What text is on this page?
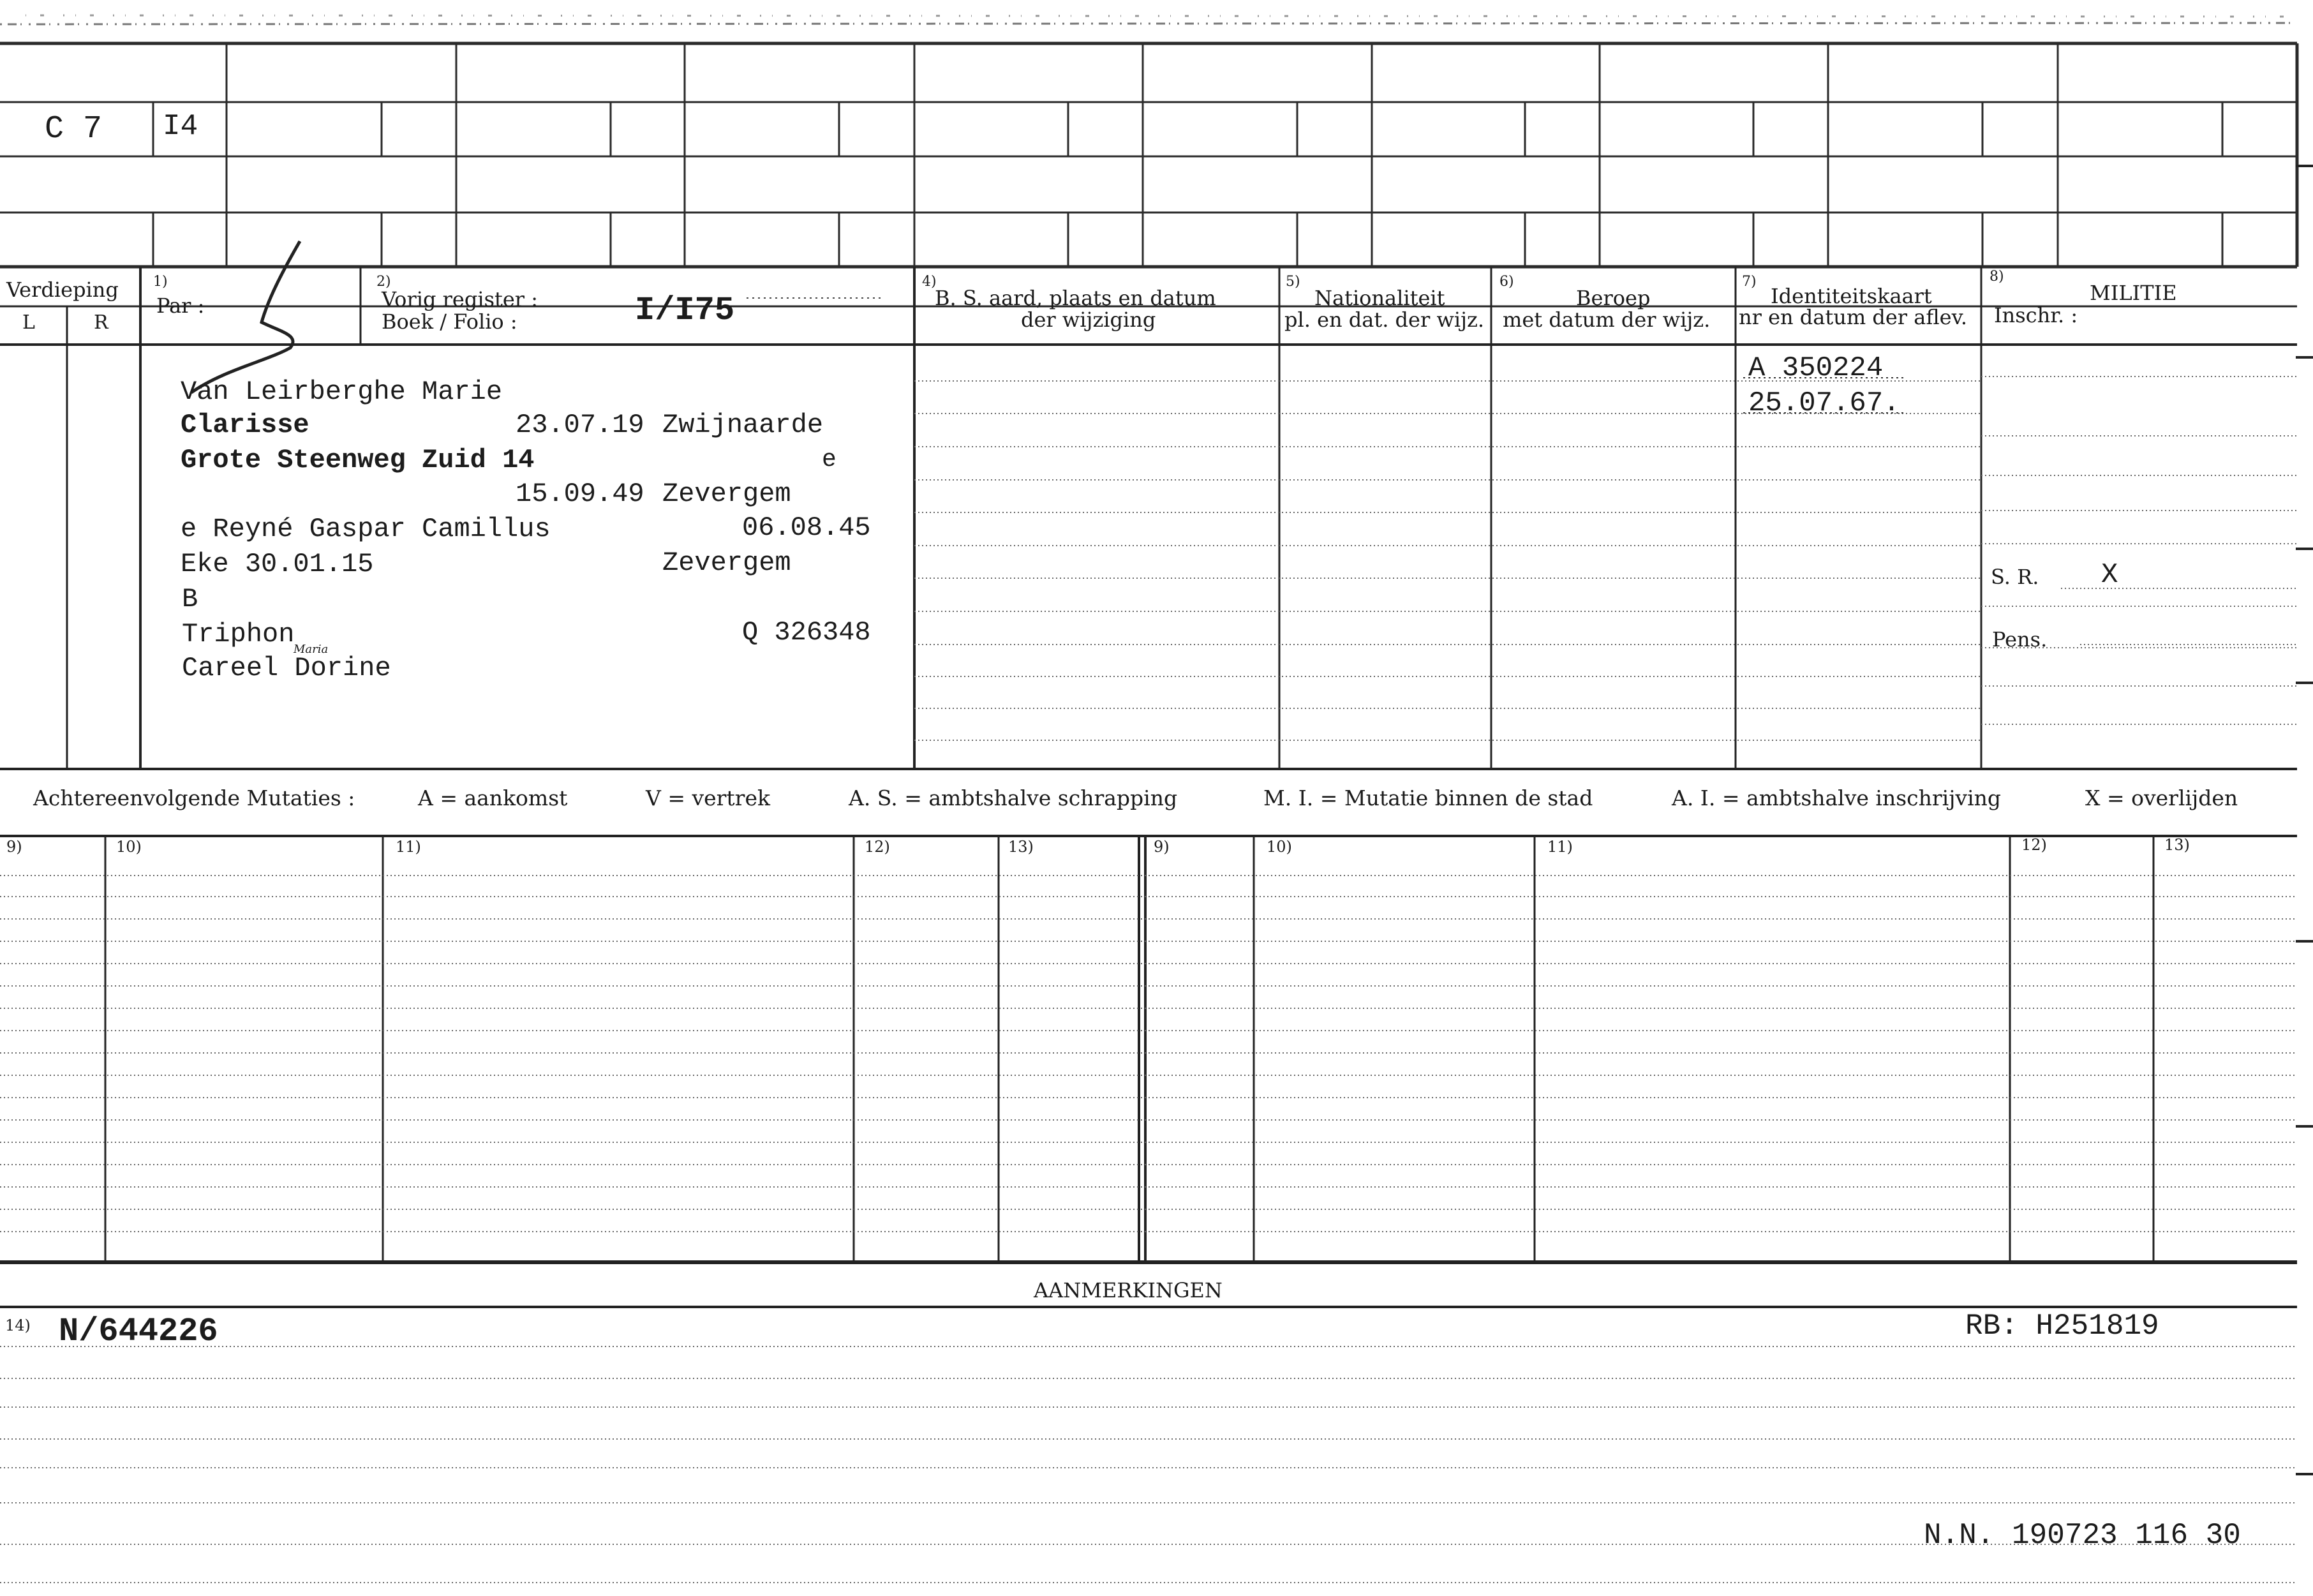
C 7 I4
Verdieping
L	R
1)
Par :
2)
Vorig register :
Boek / Folio :	I/I75
4)
B. S. aard, plaats en datum
der wijziging
5)
Nationaliteit
pl. en dat. der wijz.
6)
Beroep
met datum der wijz.
7)
Identiteitskaart
nr en datum der aflev.
8)
MILITIE
Inschr. :
Van Leirberghe Marie
Clarisse	23.07.19 Zwijnaarde
Grote Steenweg Zuid 14	e
15.09.49 Zevergem
e Reyné Gaspar Camillus	06.08.45
Eke 30.01.15	Zevergem
B
Triphon	Q 326348
Careel Dorine
Maria
A 350224
25.07.67.
S. R. X
Pens.
Achtereenvolgende Mutaties :	A = aankomst	V = vertrek	A. S. = ambtshalve schrapping	M. I. = Mutatie binnen de stad	A. I. = ambtshalve inschrijving	X = overlijden
9)	10)	11)	12)	13)	9)	10)	11)	12)	13)
AANMERKINGEN
14) N/644226	RB: H251819
N.N. 190723 116 30
